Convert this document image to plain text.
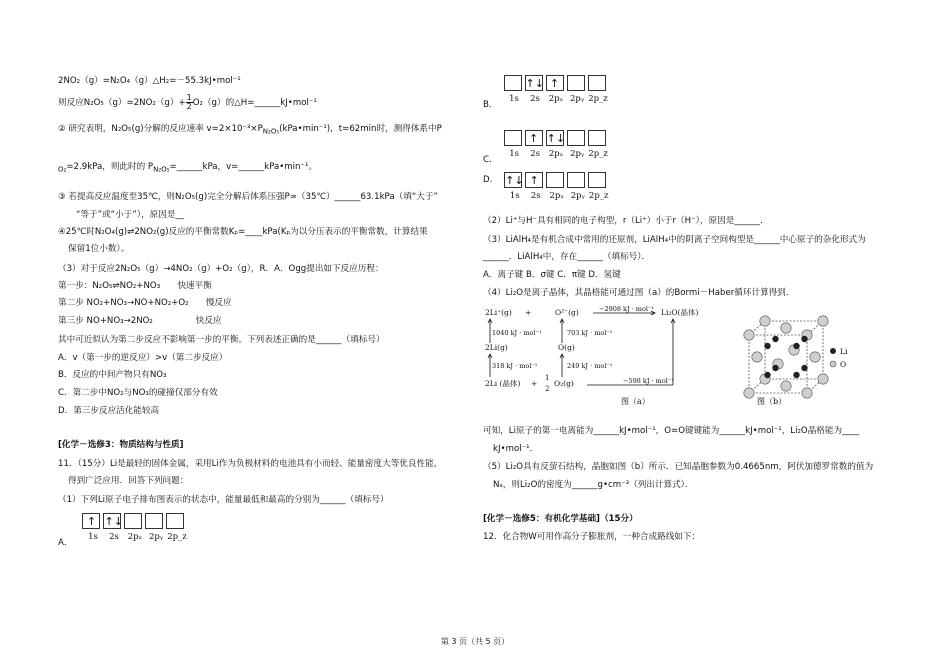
2NO₂（g）=N₂O₄（g）△H₂=－55.3kJ•mol⁻¹
则反应$N_2O_5(g)=2NO_2(g)+ \frac{1}{2} O_2(g)$的△H=______kJ•mol⁻¹
② 研究表明，N₂O₅(g)分解的反应速率 $v=2\times 10^{-3}\times P_{N_2O_5}(kPa•\min^{-1})$，t=62min时，测得体系中P
$_{O_2}$=2.9kPa，则此时的 $P_{N_2O_5}=\_\_\_\_\_\_kPa$，v=______kPa•min⁻¹。
③ 若提高反应温度至35℃，则N₂O₅(g)完全分解后体系压强P∞（35℃）______63.1kPa（填“大于”
“等于”或“小于”），原因是__
④25℃时N₂O₄(g)⇌2NO₂(g)反应的平衡常数Kₚ=____kPa(Kₚ为以分压表示的平衡常数，计算结果
保留1位小数）。
（3）对于反应2N₂O₅（g）→4NO₂（g）+O₂（g），R．A．Ogg提出如下反应历程：
第一步：N₂O₅⇌NO₂+NO₃　　快速平衡
第二步 NO₂+NO₃→NO+NO₂+O₂　　慢反应
第三步 NO+NO₃→2NO₂　　　　　快反应
其中可近似认为第二步反应不影响第一步的平衡。下列表述正确的是______（填标号）
A．v（第一步的逆反应）>v（第二步反应）
B．反应的中间产物只有NO₃
C．第二步中NO₂与NO₃的碰撞仅部分有效
D．第三步反应活化能较高
[化学－选修3：物质结构与性质]
11．（15分）Li是最轻的固体金属，采用Li作为负极材料的电池具有小而轻、能量密度大等优良性能，
得到广泛应用．回答下列问题：
（1）下列Li原子电子排布图表示的状态中，能量最低和最高的分别为______（填标号）
A．
↑ ↑↓
1s	2s	2pₓ 2pᵧ 2p_z
B．
↑↓ ↑
1s	2s	2pₓ 2pᵧ 2p_z
C．
↑ ↑↓
1s	2s	2pₓ 2pᵧ 2p_z
D． ↑↓ ↑
1s	2s	2pₓ 2pᵧ 2p_z
（2）Li⁺与H⁻具有相同的电子构型，r（Li⁺）小于r（H⁻），原因是______．
（3）LiAlH₄是有机合成中常用的还原剂，LiAlH₄中的阴离子空间构型是______中心原子的杂化形式为
______．LiAlH₄中，存在______（填标号）．
A．离子键 B．σ键 C．π键 D．氢键
（4）Li₂O是离子晶体，其晶格能可通过图（a）的Bormi－Haber循环计算得到．
2Li⁺(g) +	O²⁻(g)	−2908 kJ · mol⁻¹ Li₂O(晶体)
1040 kJ · mol⁻¹	703 kJ · mol⁻¹
2Li(g)	O(g)
318 kJ · mol⁻¹	249 kJ · mol⁻¹
2Li (晶体) +
1
2
O₂(g)	−598 kJ · mol⁻¹
图（a）
Li
O
图（b）
可知，Li原子的第一电离能为______kJ•mol⁻¹，O=O键键能为______kJ•mol⁻¹，Li₂O晶格能为____
kJ•mol⁻¹．
（5）Li₂O具有反萤石结构，晶胞如图（b）所示．已知晶胞参数为0.4665nm，阿伏加德罗常数的值为
Nₐ，则Li₂O的密度为______g•cm⁻³（列出计算式）．
[化学－选修5：有机化学基础]（15分）
12．化合物W可用作高分子膨胀剂，一种合成路线如下：
第 3 页（共 5 页）
